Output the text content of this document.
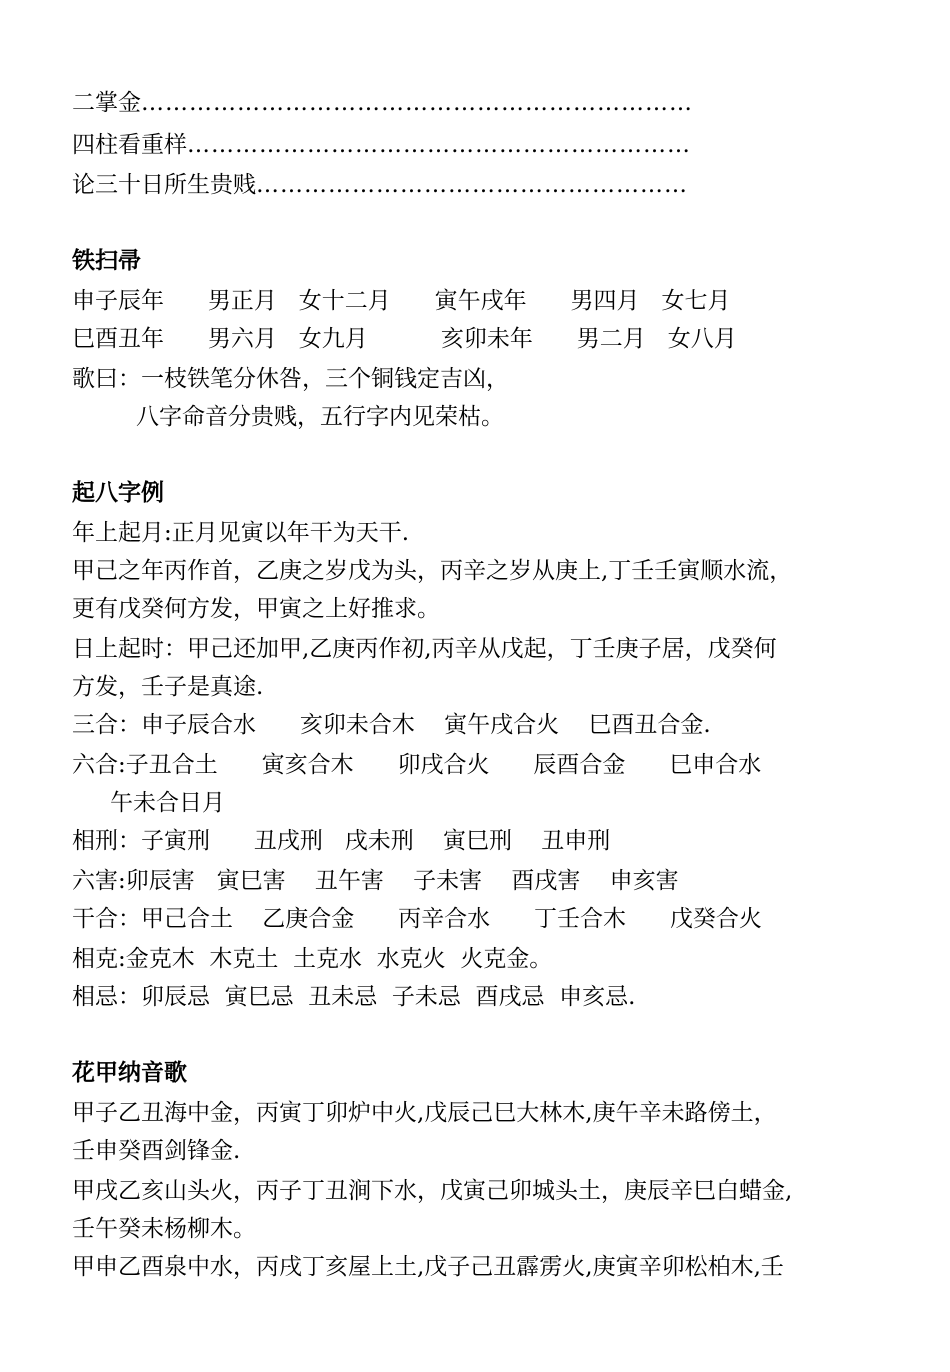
二掌金……………………………………………………………
四柱看重样………………………………………………………
论三十日所生贵贱………………………………………………
铁扫帚
申子辰年      男正月   女十二月      寅午戌年      男四月   女七月
巳酉丑年      男六月   女九月          亥卯未年      男二月   女八月
歌曰：一枝铁笔分休咎，三个铜钱定吉凶，
八字命音分贵贱，五行字内见荣枯。
起八字例
年上起月:正月见寅以年干为天干.
甲己之年丙作首，乙庚之岁戊为头，丙辛之岁从庚上,丁壬壬寅顺水流，
更有戊癸何方发，甲寅之上好推求。
日上起时：甲己还加甲,乙庚丙作初,丙辛从戊起，丁壬庚子居，戊癸何
方发，壬子是真途.
三合：申子辰合水      亥卯未合木    寅午戌合火    巳酉丑合金.
六合:子丑合土      寅亥合木      卯戌合火      辰酉合金      巳申合水
午未合日月
相刑：子寅刑      丑戌刑   戌未刑    寅巳刑    丑申刑
六害:卯辰害   寅巳害    丑午害    子未害    酉戌害    申亥害
干合：甲己合土    乙庚合金      丙辛合水      丁壬合木      戊癸合火
相克:金克木  木克土  土克水  水克火  火克金。
相忌：卯辰忌  寅巳忌  丑未忌  子未忌  酉戌忌  申亥忌.
花甲纳音歌
甲子乙丑海中金，丙寅丁卯炉中火,戊辰己巳大林木,庚午辛未路傍土，
壬申癸酉剑锋金.
甲戌乙亥山头火，丙子丁丑涧下水，戊寅己卯城头土，庚辰辛巳白蜡金,
壬午癸未杨柳木。
甲申乙酉泉中水，丙戌丁亥屋上土,戊子己丑霹雳火,庚寅辛卯松柏木,壬
